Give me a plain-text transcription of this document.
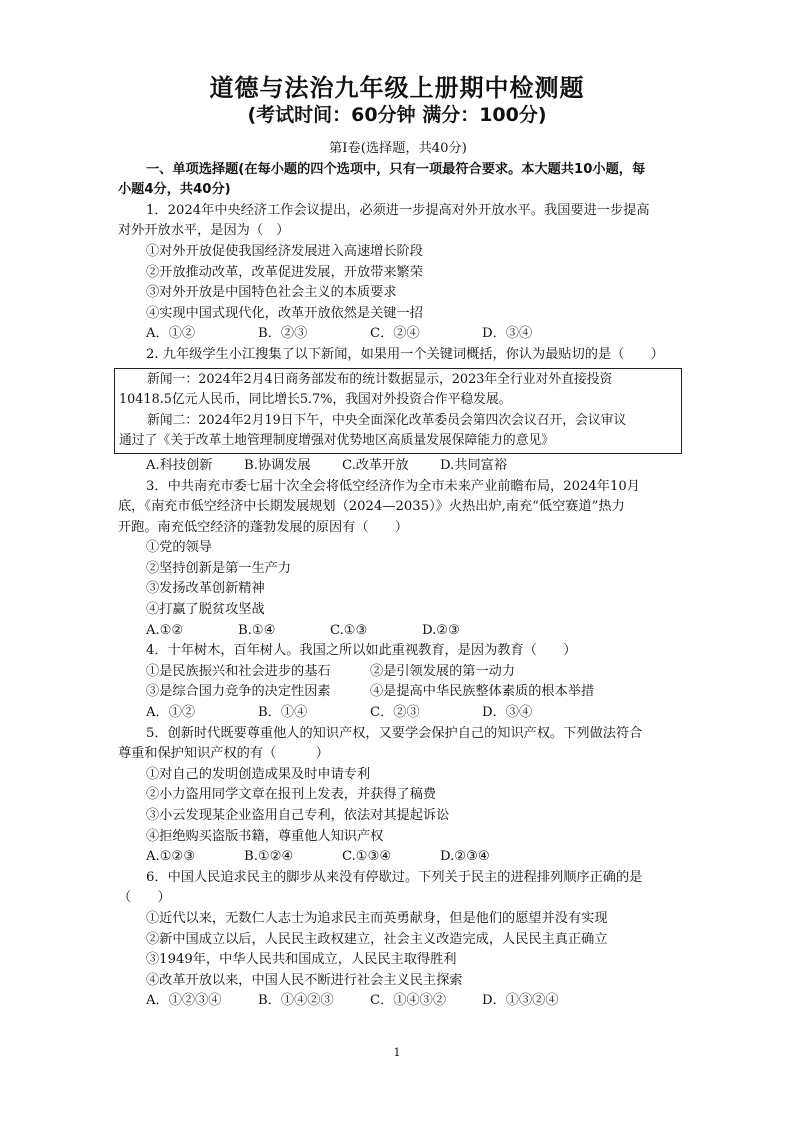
道德与法治九年级上册期中检测题
(考试时间：60分钟 满分：100分)
第Ⅰ卷(选择题，共40分)
一、单项选择题(在每小题的四个选项中，只有一项最符合要求。本大题共10小题，每
小题4分，共40分)
1．2024年中央经济工作会议提出，必须进一步提高对外开放水平。我国要进一步提高
对外开放水平，是因为（　）
①对外开放促使我国经济发展进入高速增长阶段
②开放推动改革，改革促进发展，开放带来繁荣
③对外开放是中国特色社会主义的本质要求
④实现中国式现代化，改革开放依然是关键一招
A．①②	B．②③	C．②④	D．③④
2. 九年级学生小江搜集了以下新闻，如果用一个关键词概括，你认为最贴切的是（　　）
新闻一：2024年2月4日商务部发布的统计数据显示，2023年全行业对外直接投资
10418.5亿元人民币，同比增长5.7%，我国对外投资合作平稳发展。
新闻二：2024年2月19日下午，中央全面深化改革委员会第四次会议召开，会议审议
通过了《关于改革土地管理制度增强对优势地区高质量发展保障能力的意见》
A.科技创新	B.协调发展	C.改革开放	D.共同富裕
3．中共南充市委七届十次全会将低空经济作为全市未来产业前瞻布局，2024年10月
底，《南充市低空经济中长期发展规划（2024—2035）》火热出炉,南充“低空赛道”热力
开跑。南充低空经济的蓬勃发展的原因有（　　）
①党的领导
②坚持创新是第一生产力
③发扬改革创新精神
④打赢了脱贫攻坚战
A.①②	B.①④	C.①③	D.②③
4．十年树木，百年树人。我国之所以如此重视教育，是因为教育（　　）
①是民族振兴和社会进步的基石	②是引领发展的第一动力
③是综合国力竞争的决定性因素	④是提高中华民族整体素质的根本举措
A．①②	B．①④	C．②③	D．③④
5．创新时代既要尊重他人的知识产权，又要学会保护自己的知识产权。下列做法符合
尊重和保护知识产权的有（　　　）
①对自己的发明创造成果及时申请专利
②小力盗用同学文章在报刊上发表，并获得了稿费
③小云发现某企业盗用自己专利，依法对其提起诉讼
④拒绝购买盗版书籍，尊重他人知识产权
A.①②③	B.①②④	C.①③④	D.②③④
6．中国人民追求民主的脚步从来没有停歇过。下列关于民主的进程排列顺序正确的是
（　　）
①近代以来，无数仁人志士为追求民主而英勇献身，但是他们的愿望并没有实现
②新中国成立以后，人民民主政权建立，社会主义改造完成，人民民主真正确立
③1949年，中华人民共和国成立，人民民主取得胜利
④改革开放以来，中国人民不断进行社会主义民主探索
A．①②③④	B．①④②③	C．①④③②	D．①③②④
1
